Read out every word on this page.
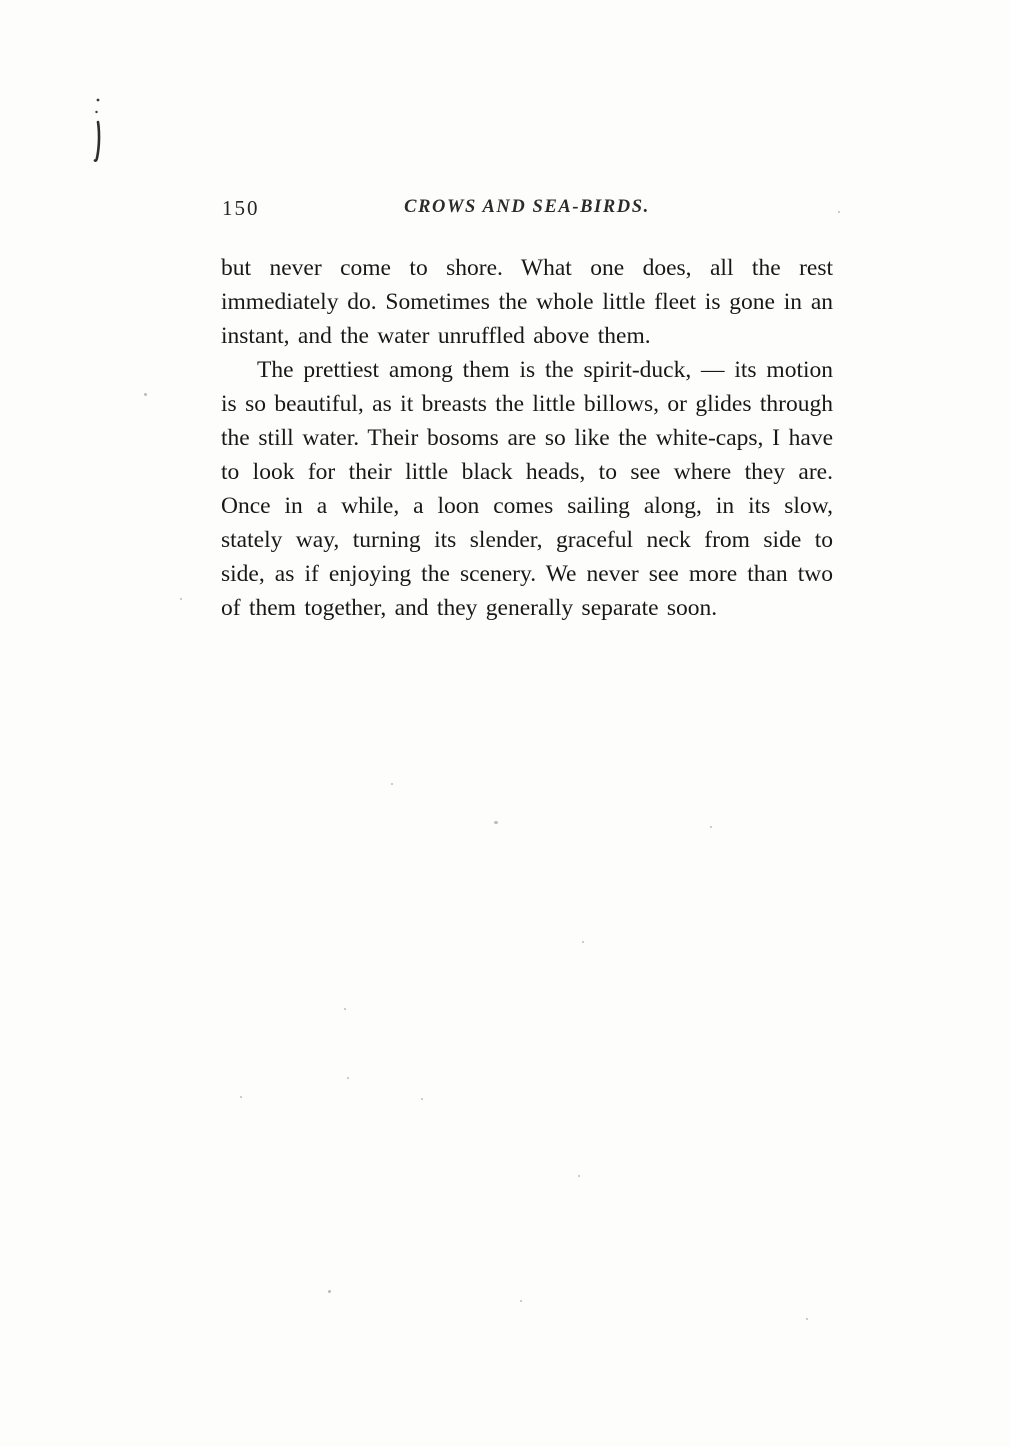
150	CROWS AND SEA-BIRDS.

but never come to shore. What one does, all the rest immediately do. Sometimes the whole little fleet is gone in an instant, and the water unruffled above them.

The prettiest among them is the spirit-duck, — its motion is so beautiful, as it breasts the little billows, or glides through the still water. Their bosoms are so like the white-caps, I have to look for their little black heads, to see where they are. Once in a while, a loon comes sailing along, in its slow, stately way, turning its slender, graceful neck from side to side, as if enjoying the scenery. We never see more than two of them together, and they generally separate soon.
